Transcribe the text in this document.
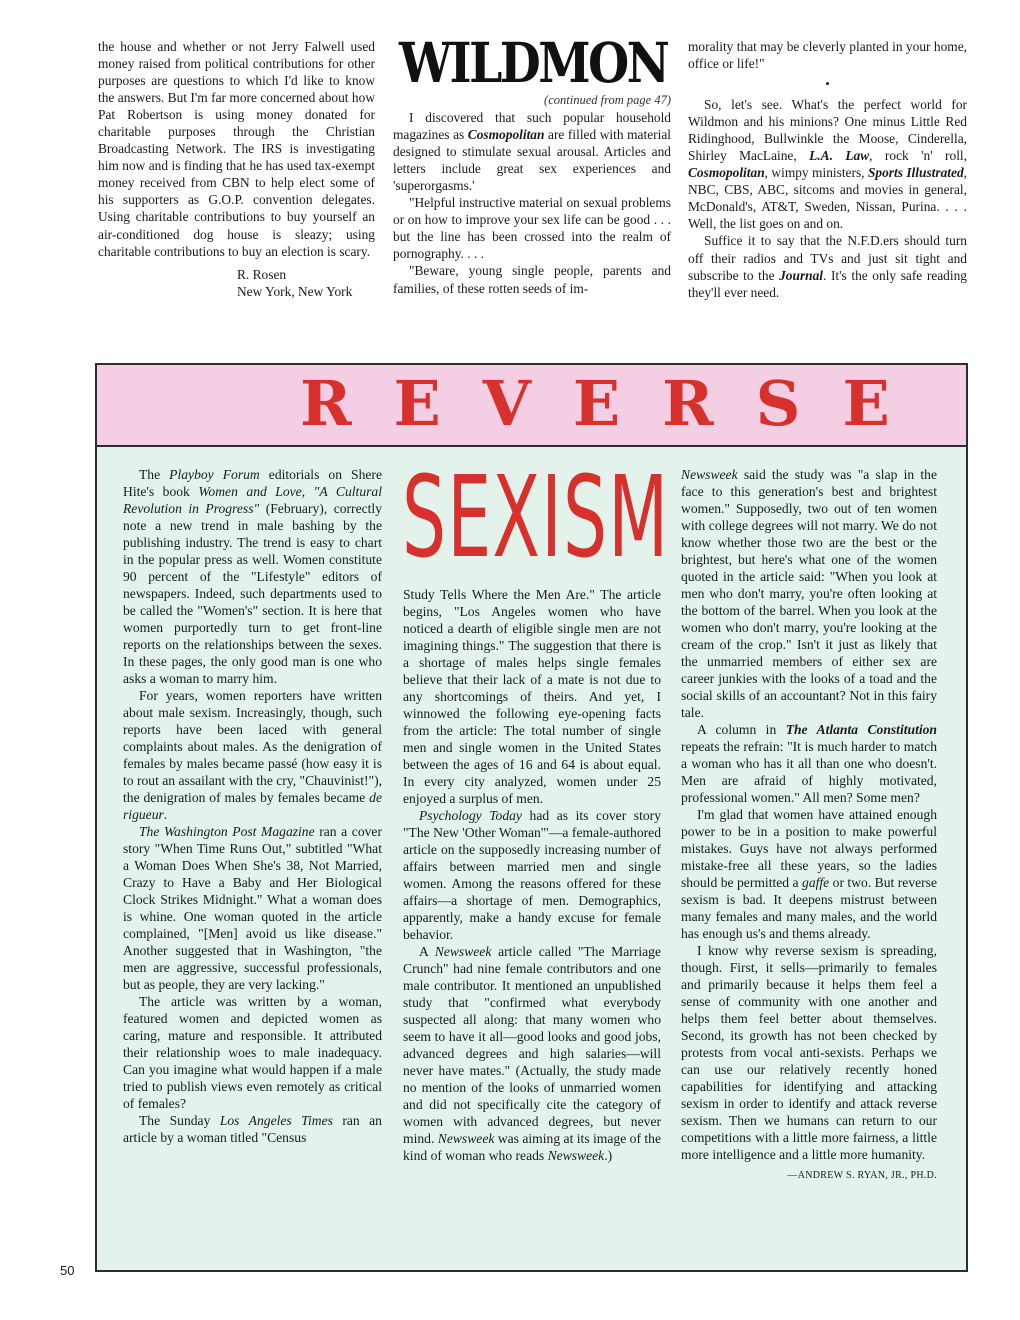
the house and whether or not Jerry Falwell used money raised from political contributions for other purposes are questions to which I'd like to know the answers. But I'm far more concerned about how Pat Robertson is using money donated for charitable purposes through the Christian Broadcasting Network. The IRS is investigating him now and is finding that he has used tax-exempt money received from CBN to help elect some of his supporters as G.O.P. convention delegates. Using charitable contributions to buy yourself an air-conditioned dog house is sleazy; using charitable contributions to buy an election is scary.

R. Rosen

New York, New York

WILDMON

(continued from page 47)

I discovered that such popular household magazines as Cosmopolitan are filled with material designed to stimulate sexual arousal. Articles and letters include great sex experiences and 'superorgasms.'

"Helpful instructive material on sexual problems or on how to improve your sex life can be good . . . but the line has been crossed into the realm of pornography. . . .

"Beware, young single people, parents and families, of these rotten seeds of im-

morality that may be cleverly planted in your home, office or life!"

•

So, let's see. What's the perfect world for Wildmon and his minions? One minus Little Red Ridinghood, Bullwinkle the Moose, Cinderella, Shirley MacLaine, L.A. Law, rock 'n' roll, Cosmopolitan, wimpy ministers, Sports Illustrated, NBC, CBS, ABC, sitcoms and movies in general, McDonald's, AT&T, Sweden, Nissan, Purina. . . . Well, the list goes on and on.

Suffice it to say that the N.F.D.ers should turn off their radios and TVs and just sit tight and subscribe to the Journal. It's the only safe reading they'll ever need.

REVERSE
SEXISM

The Playboy Forum editorials on Shere Hite's book Women and Love, "A Cultural Revolution in Progress" (February), correctly note a new trend in male bashing by the publishing industry. The trend is easy to chart in the popular press as well. Women constitute 90 percent of the "Lifestyle" editors of newspapers. Indeed, such departments used to be called the "Women's" section. It is here that women purportedly turn to get front-line reports on the relationships between the sexes. In these pages, the only good man is one who asks a woman to marry him.

For years, women reporters have written about male sexism. Increasingly, though, such reports have been laced with general complaints about males. As the denigration of females by males became passé (how easy it is to rout an assailant with the cry, "Chauvinist!"), the denigration of males by females became de rigueur.

The Washington Post Magazine ran a cover story "When Time Runs Out," subtitled "What a Woman Does When She's 38, Not Married, Crazy to Have a Baby and Her Biological Clock Strikes Midnight." What a woman does is whine. One woman quoted in the article complained, "[Men] avoid us like disease." Another suggested that in Washington, "the men are aggressive, successful professionals, but as people, they are very lacking."

The article was written by a woman, featured women and depicted women as caring, mature and responsible. It attributed their relationship woes to male inadequacy. Can you imagine what would happen if a male tried to publish views even remotely as critical of females?

The Sunday Los Angeles Times ran an article by a woman titled "Census

Study Tells Where the Men Are." The article begins, "Los Angeles women who have noticed a dearth of eligible single men are not imagining things." The suggestion that there is a shortage of males helps single females believe that their lack of a mate is not due to any shortcomings of theirs. And yet, I winnowed the following eye-opening facts from the article: The total number of single men and single women in the United States between the ages of 16 and 64 is about equal. In every city analyzed, women under 25 enjoyed a surplus of men.

Psychology Today had as its cover story "The New 'Other Woman'"—a female-authored article on the supposedly increasing number of affairs between married men and single women. Among the reasons offered for these affairs—a shortage of men. Demographics, apparently, make a handy excuse for female behavior.

A Newsweek article called "The Marriage Crunch" had nine female contributors and one male contributor. It mentioned an unpublished study that "confirmed what everybody suspected all along: that many women who seem to have it all—good looks and good jobs, advanced degrees and high salaries—will never have mates." (Actually, the study made no mention of the looks of unmarried women and did not specifically cite the category of women with advanced degrees, but never mind. Newsweek was aiming at its image of the kind of woman who reads Newsweek.)

Newsweek said the study was "a slap in the face to this generation's best and brightest women." Supposedly, two out of ten women with college degrees will not marry. We do not know whether those two are the best or the brightest, but here's what one of the women quoted in the article said: "When you look at men who don't marry, you're often looking at the bottom of the barrel. When you look at the women who don't marry, you're looking at the cream of the crop." Isn't it just as likely that the unmarried members of either sex are career junkies with the looks of a toad and the social skills of an accountant? Not in this fairy tale.

A column in The Atlanta Constitution repeats the refrain: "It is much harder to match a woman who has it all than one who doesn't. Men are afraid of highly motivated, professional women." All men? Some men?

I'm glad that women have attained enough power to be in a position to make powerful mistakes. Guys have not always performed mistake-free all these years, so the ladies should be permitted a gaffe or two. But reverse sexism is bad. It deepens mistrust between many females and many males, and the world has enough us's and thems already.

I know why reverse sexism is spreading, though. First, it sells—primarily to females and primarily because it helps them feel a sense of community with one another and helps them feel better about themselves. Second, its growth has not been checked by protests from vocal anti-sexists. Perhaps we can use our relatively recently honed capabilities for identifying and attacking sexism in order to identify and attack reverse sexism. Then we humans can return to our competitions with a little more fairness, a little more intelligence and a little more humanity.

—ANDREW S. RYAN, JR., PH.D.

50
